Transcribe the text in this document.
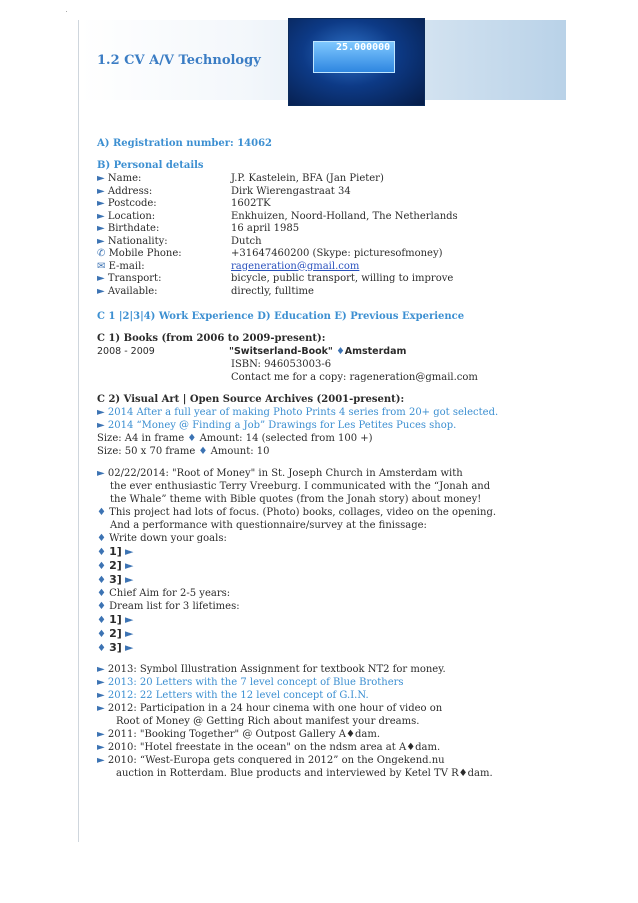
25.000000
1.2 CV A/V Technology
A) Registration number: 14062
B) Personal details
► Name:	J.P. Kastelein, BFA (Jan Pieter)
► Address:	Dirk Wierengastraat 34
► Postcode:	1602TK
► Location:	Enkhuizen, Noord-Holland, The Netherlands
► Birthdate:	16 april 1985
► Nationality:	Dutch
✆ Mobile Phone:	+31647460200 (Skype: picturesofmoney)
✉ E-mail:	rageneration@gmail.com
► Transport:	bicycle, public transport, willing to improve
► Available:	directly, fulltime
C 1 |2|3|4) Work Experience D) Education E) Previous Experience
C 1) Books (from 2006 to 2009-present):
2008 - 2009	"Switserland-Book" ♦Amsterdam
ISBN: 946053003-6
Contact me for a copy: rageneration@gmail.com
C 2) Visual Art | Open Source Archives (2001-present):
► 2014 After a full year of making Photo Prints 4 series from 20+ got selected.
► 2014 “Money @ Finding a Job” Drawings for Les Petites Puces shop.
Size: A4 in frame ♦ Amount: 14 (selected from 100 +)
Size: 50 x 70 frame ♦ Amount: 10
► 02/22/2014: "Root of Money" in St. Joseph Church in Amsterdam with
the ever enthusiastic Terry Vreeburg. I communicated with the “Jonah and
the Whale” theme with Bible quotes (from the Jonah story) about money!
♦ This project had lots of focus. (Photo) books, collages, video on the opening.
And a performance with questionnaire/survey at the finissage:
♦ Write down your goals:
♦ 1] ►
♦ 2] ►
♦ 3] ►
♦ Chief Aim for 2-5 years:
♦ Dream list for 3 lifetimes:
♦ 1] ►
♦ 2] ►
♦ 3] ►
► 2013: Symbol Illustration Assignment for textbook NT2 for money.
► 2013: 20 Letters with the 7 level concept of Blue Brothers
► 2012: 22 Letters with the 12 level concept of G.I.N.
► 2012: Participation in a 24 hour cinema with one hour of video on
Root of Money @ Getting Rich about manifest your dreams.
► 2011: "Booking Together" @ Outpost Gallery A♦dam.
► 2010: "Hotel freestate in the ocean" on the ndsm area at A♦dam.
► 2010: “West-Europa gets conquered in 2012” on the Ongekend.nu
auction in Rotterdam. Blue products and interviewed by Ketel TV R♦dam.
